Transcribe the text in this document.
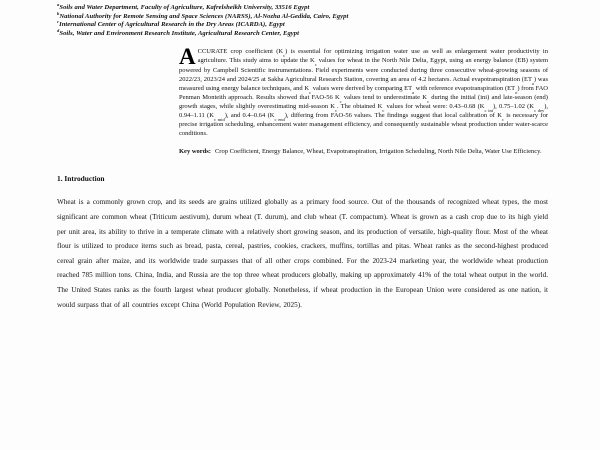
$^a$Soils and Water Department, Faculty of Agriculture, Kafrelsheikh University, 33516 Egypt
$^b$National Authority for Remote Sensing and Space Sciences (NARSS), Al-Nozha Al-Gedida, Cairo, Egypt
$^c$International Center of Agricultural Research in the Dry Areas (ICARDA), Egypt
$^d$Soils, Water and Environment Research Institute, Agricultural Research Center, Egypt
ACCURATE crop coefficient (Kc) is essential for optimizing irrigation water use as well as enlargement water productivity in agriculture. This study aims to update the Kc values for wheat in the North Nile Delta, Egypt, using an energy balance (EB) system powered by Campbell Scientific instrumentations. Field experiments were conducted during three consecutive wheat-growing seasons of 2022/23, 2023/24 and 2024/25 at Sakha Agricultural Research Station, covering an area of 4.2 hectares. Actual evapotranspiration (ETa) was measured using energy balance techniques, and Kc values were derived by comparing ETa with reference evapotranspiration (ETo) from FAO Penman Monteith approach. Results showed that FAO-56 Kc values tend to underestimate Kc during the initial (ini) and late-season (end) growth stages, while slightly overestimating mid-season Kc. The obtained Kc values for wheat were: 0.43–0.68 (Kc ini), 0.75–1.02 (Kc dev), 0.94–1.11 (Kc mid), and 0.4–0.64 (Kc end), differing from FAO-56 values. The findings suggest that local calibration of Kc is necessary for precise irrigation scheduling, enhancement water management efficiency, and consequently sustainable wheat production under water-scarce conditions.
Key words: Crop Coefficient, Energy Balance, Wheat, Evapotranspiration, Irrigation Scheduling, North Nile Delta, Water Use Efficiency.
1. Introduction

Wheat is a commonly grown crop, and its seeds are grains utilized globally as a primary food source. Out of the thousands of recognized wheat types, the most significant are common wheat (Triticum aestivum), durum wheat (T. durum), and club wheat (T. compactum). Wheat is grown as a cash crop due to its high yield per unit area, its ability to thrive in a temperate climate with a relatively short growing season, and its production of versatile, high-quality flour. Most of the wheat flour is utilized to produce items such as bread, pasta, cereal, pastries, cookies, crackers, muffins, tortillas and pitas. Wheat ranks as the second-highest produced cereal grain after maize, and its worldwide trade surpasses that of all other crops combined. For the 2023-24 marketing year, the worldwide wheat production reached 785 million tons. China, India, and Russia are the top three wheat producers globally, making up approximately 41% of the total wheat output in the world. The United States ranks as the fourth largest wheat producer globally. Nonetheless, if wheat production in the European Union were considered as one nation, it would surpass that of all countries except China (World Population Review, 2025).
